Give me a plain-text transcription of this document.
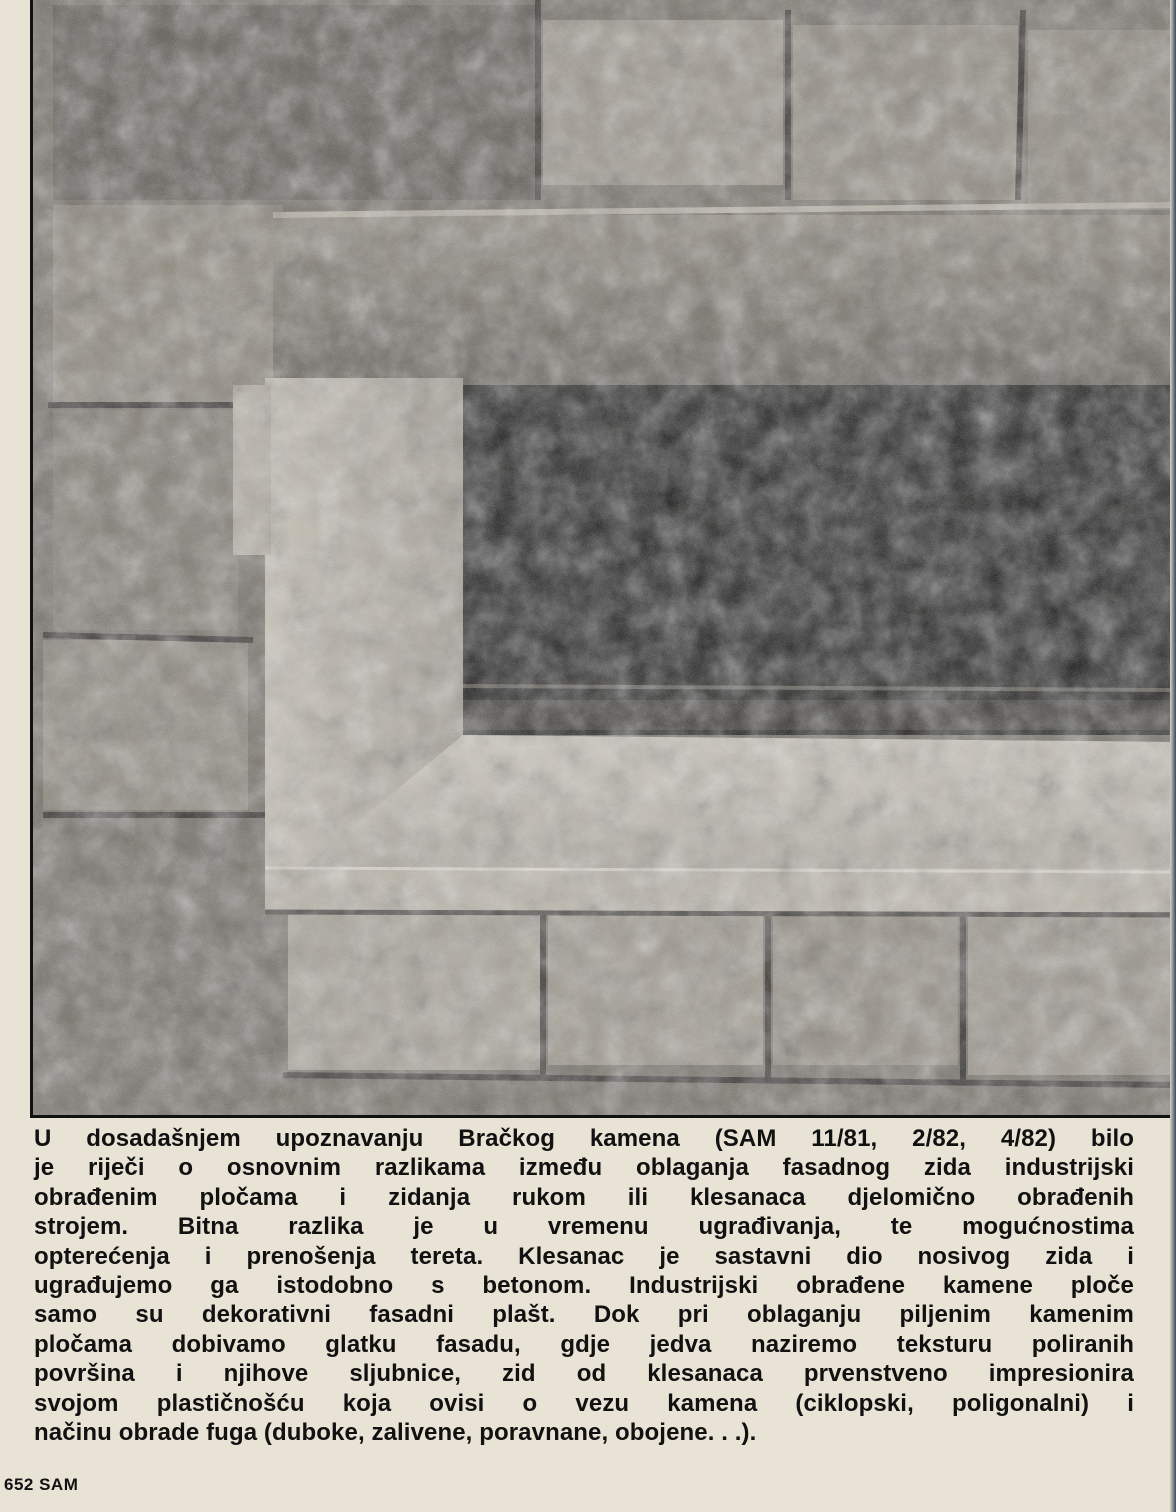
U dosadašnjem upoznavanju Bračkog kamena (SAM 11/81, 2/82, 4/82) bilo
je riječi o osnovnim razlikama između oblaganja fasadnog zida industrijski
obrađenim pločama i zidanja rukom ili klesanaca djelomično obrađenih
strojem. Bitna razlika je u vremenu ugrađivanja, te mogućnostima
opterećenja i prenošenja tereta. Klesanac je sastavni dio nosivog zida i
ugrađujemo ga istodobno s betonom. Industrijski obrađene kamene ploče
samo su dekorativni fasadni plašt. Dok pri oblaganju piljenim kamenim
pločama dobivamo glatku fasadu, gdje jedva naziremo teksturu poliranih
površina i njihove sljubnice, zid od klesanaca prvenstveno impresionira
svojom plastičnošću koja ovisi o vezu kamena (ciklopski, poligonalni) i
načinu obrade fuga (duboke, zalivene, poravnane, obojene. . .).
652 SAM
